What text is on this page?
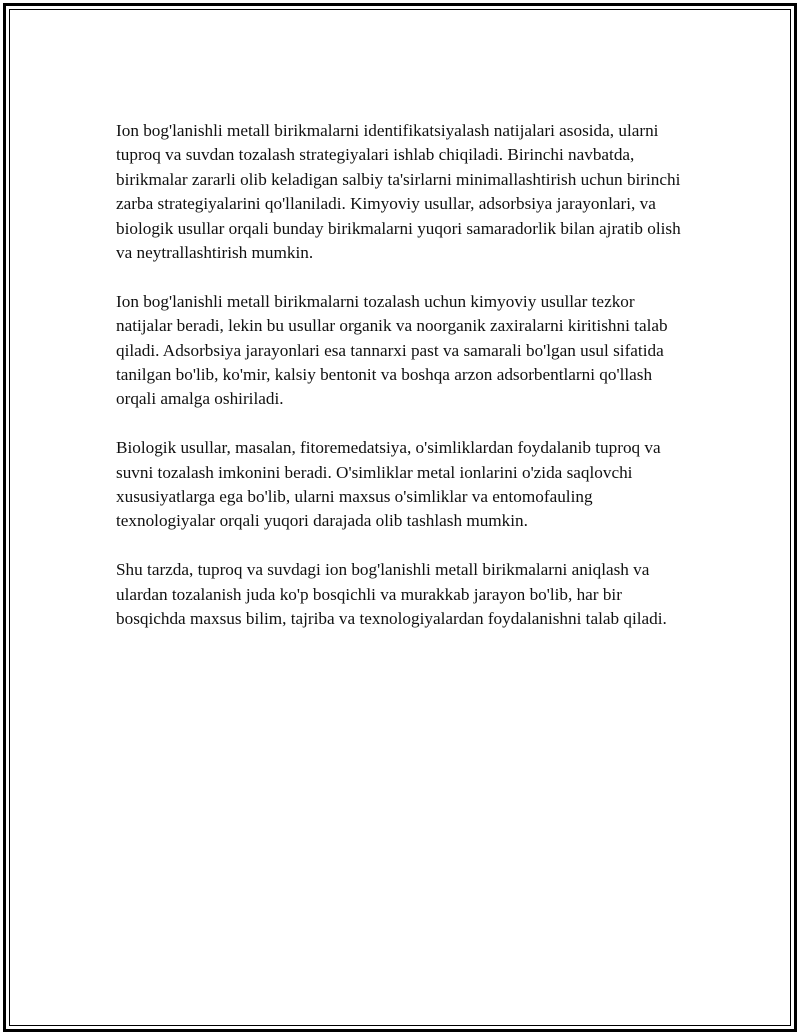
Ion bog'lanishli metall birikmalarni identifikatsiyalash natijalari asosida, ularni tuproq va suvdan tozalash strategiyalari ishlab chiqiladi. Birinchi navbatda, birikmalar zararli olib keladigan salbiy ta'sirlarni minimallashtirish uchun birinchi zarba strategiyalarini qo'llaniladi. Kimyoviy usullar, adsorbsiya jarayonlari, va biologik usullar orqali bunday birikmalarni yuqori samaradorlik bilan ajratib olish va neytrallashtirish mumkin.

Ion bog'lanishli metall birikmalarni tozalash uchun kimyoviy usullar tezkor natijalar beradi, lekin bu usullar organik va noorganik zaxiralarni kiritishni talab qiladi. Adsorbsiya jarayonlari esa tannarxi past va samarali bo'lgan usul sifatida tanilgan bo'lib, ko'mir, kalsiy bentonit va boshqa arzon adsorbentlarni qo'llash orqali amalga oshiriladi.

Biologik usullar, masalan, fitoremedatsiya, o'simliklardan foydalanib tuproq va suvni tozalash imkonini beradi. O'simliklar metal ionlarini o'zida saqlovchi xususiyatlarga ega bo'lib, ularni maxsus o'simliklar va entomofauling texnologiyalar orqali yuqori darajada olib tashlash mumkin.

Shu tarzda, tuproq va suvdagi ion bog'lanishli metall birikmalarni aniqlash va ulardan tozalanish juda ko'p bosqichli va murakkab jarayon bo'lib, har bir bosqichda maxsus bilim, tajriba va texnologiyalardan foydalanishni talab qiladi.
